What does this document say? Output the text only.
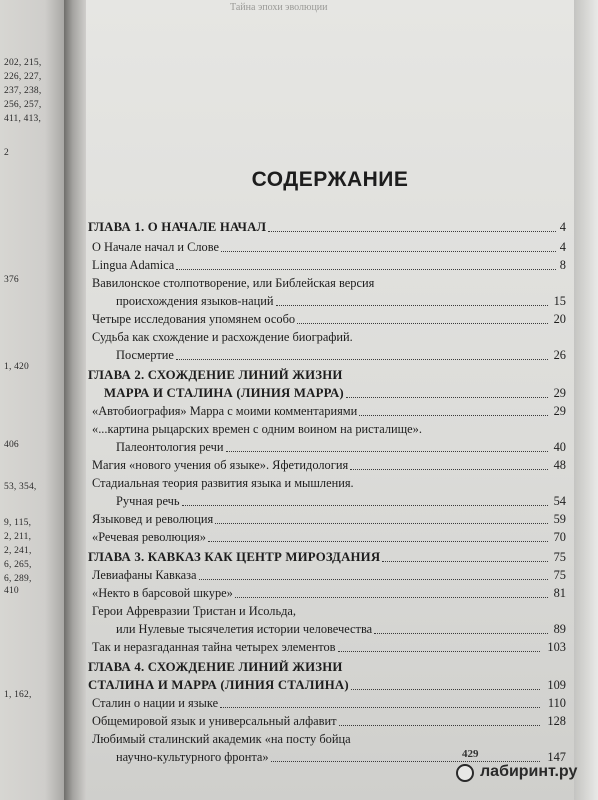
202, 215,
226, 227,
237, 238,
256, 257,
411, 413,
2
376
1, 420
406
53, 354,
9, 115,
2, 211,
2, 241,
6, 265,
6, 289,
410
1, 162,
Тайна эпохи эволюции
СОДЕРЖАНИЕ
ГЛАВА 1. О НАЧАЛЕ НАЧАЛ	4
О Начале начал и Слове	4
Lingua Adamica	8
Вавилонское столпотворение, или Библейская версия
происхождения языков-наций	15
Четыре исследования упомянем особо	20
Судьба как схождение и расхождение биографий.
Посмертие	26
ГЛАВА 2. СХОЖДЕНИЕ ЛИНИЙ ЖИЗНИ
МАРРА И СТАЛИНА (ЛИНИЯ МАРРА)	29
«Автобиография» Марра с моими комментариями	29
«...картина рыцарских времен с одним воином на ристалище».
Палеонтология речи	40
Магия «нового учения об языке». Яфетидология	48
Стадиальная теория развития языка и мышления.
Ручная речь	54
Языковед и революция	59
«Речевая революция»	70
ГЛАВА 3. КАВКАЗ КАК ЦЕНТР МИРОЗДАНИЯ	75
Левиафаны Кавказа	75
«Некто в барсовой шкуре»	81
Герои Афревразии Тристан и Исольда,
или Нулевые тысячелетия истории человечества	89
Так и неразгаданная тайна четырех элементов	103
ГЛАВА 4. СХОЖДЕНИЕ ЛИНИЙ ЖИЗНИ
СТАЛИНА И МАРРА (ЛИНИЯ СТАЛИНА)	109
Сталин о нации и языке	110
Общемировой язык и универсальный алфавит	128
Любимый сталинский академик «на посту бойца
научно-культурного фронта»	147
429
лабиринт.ру
